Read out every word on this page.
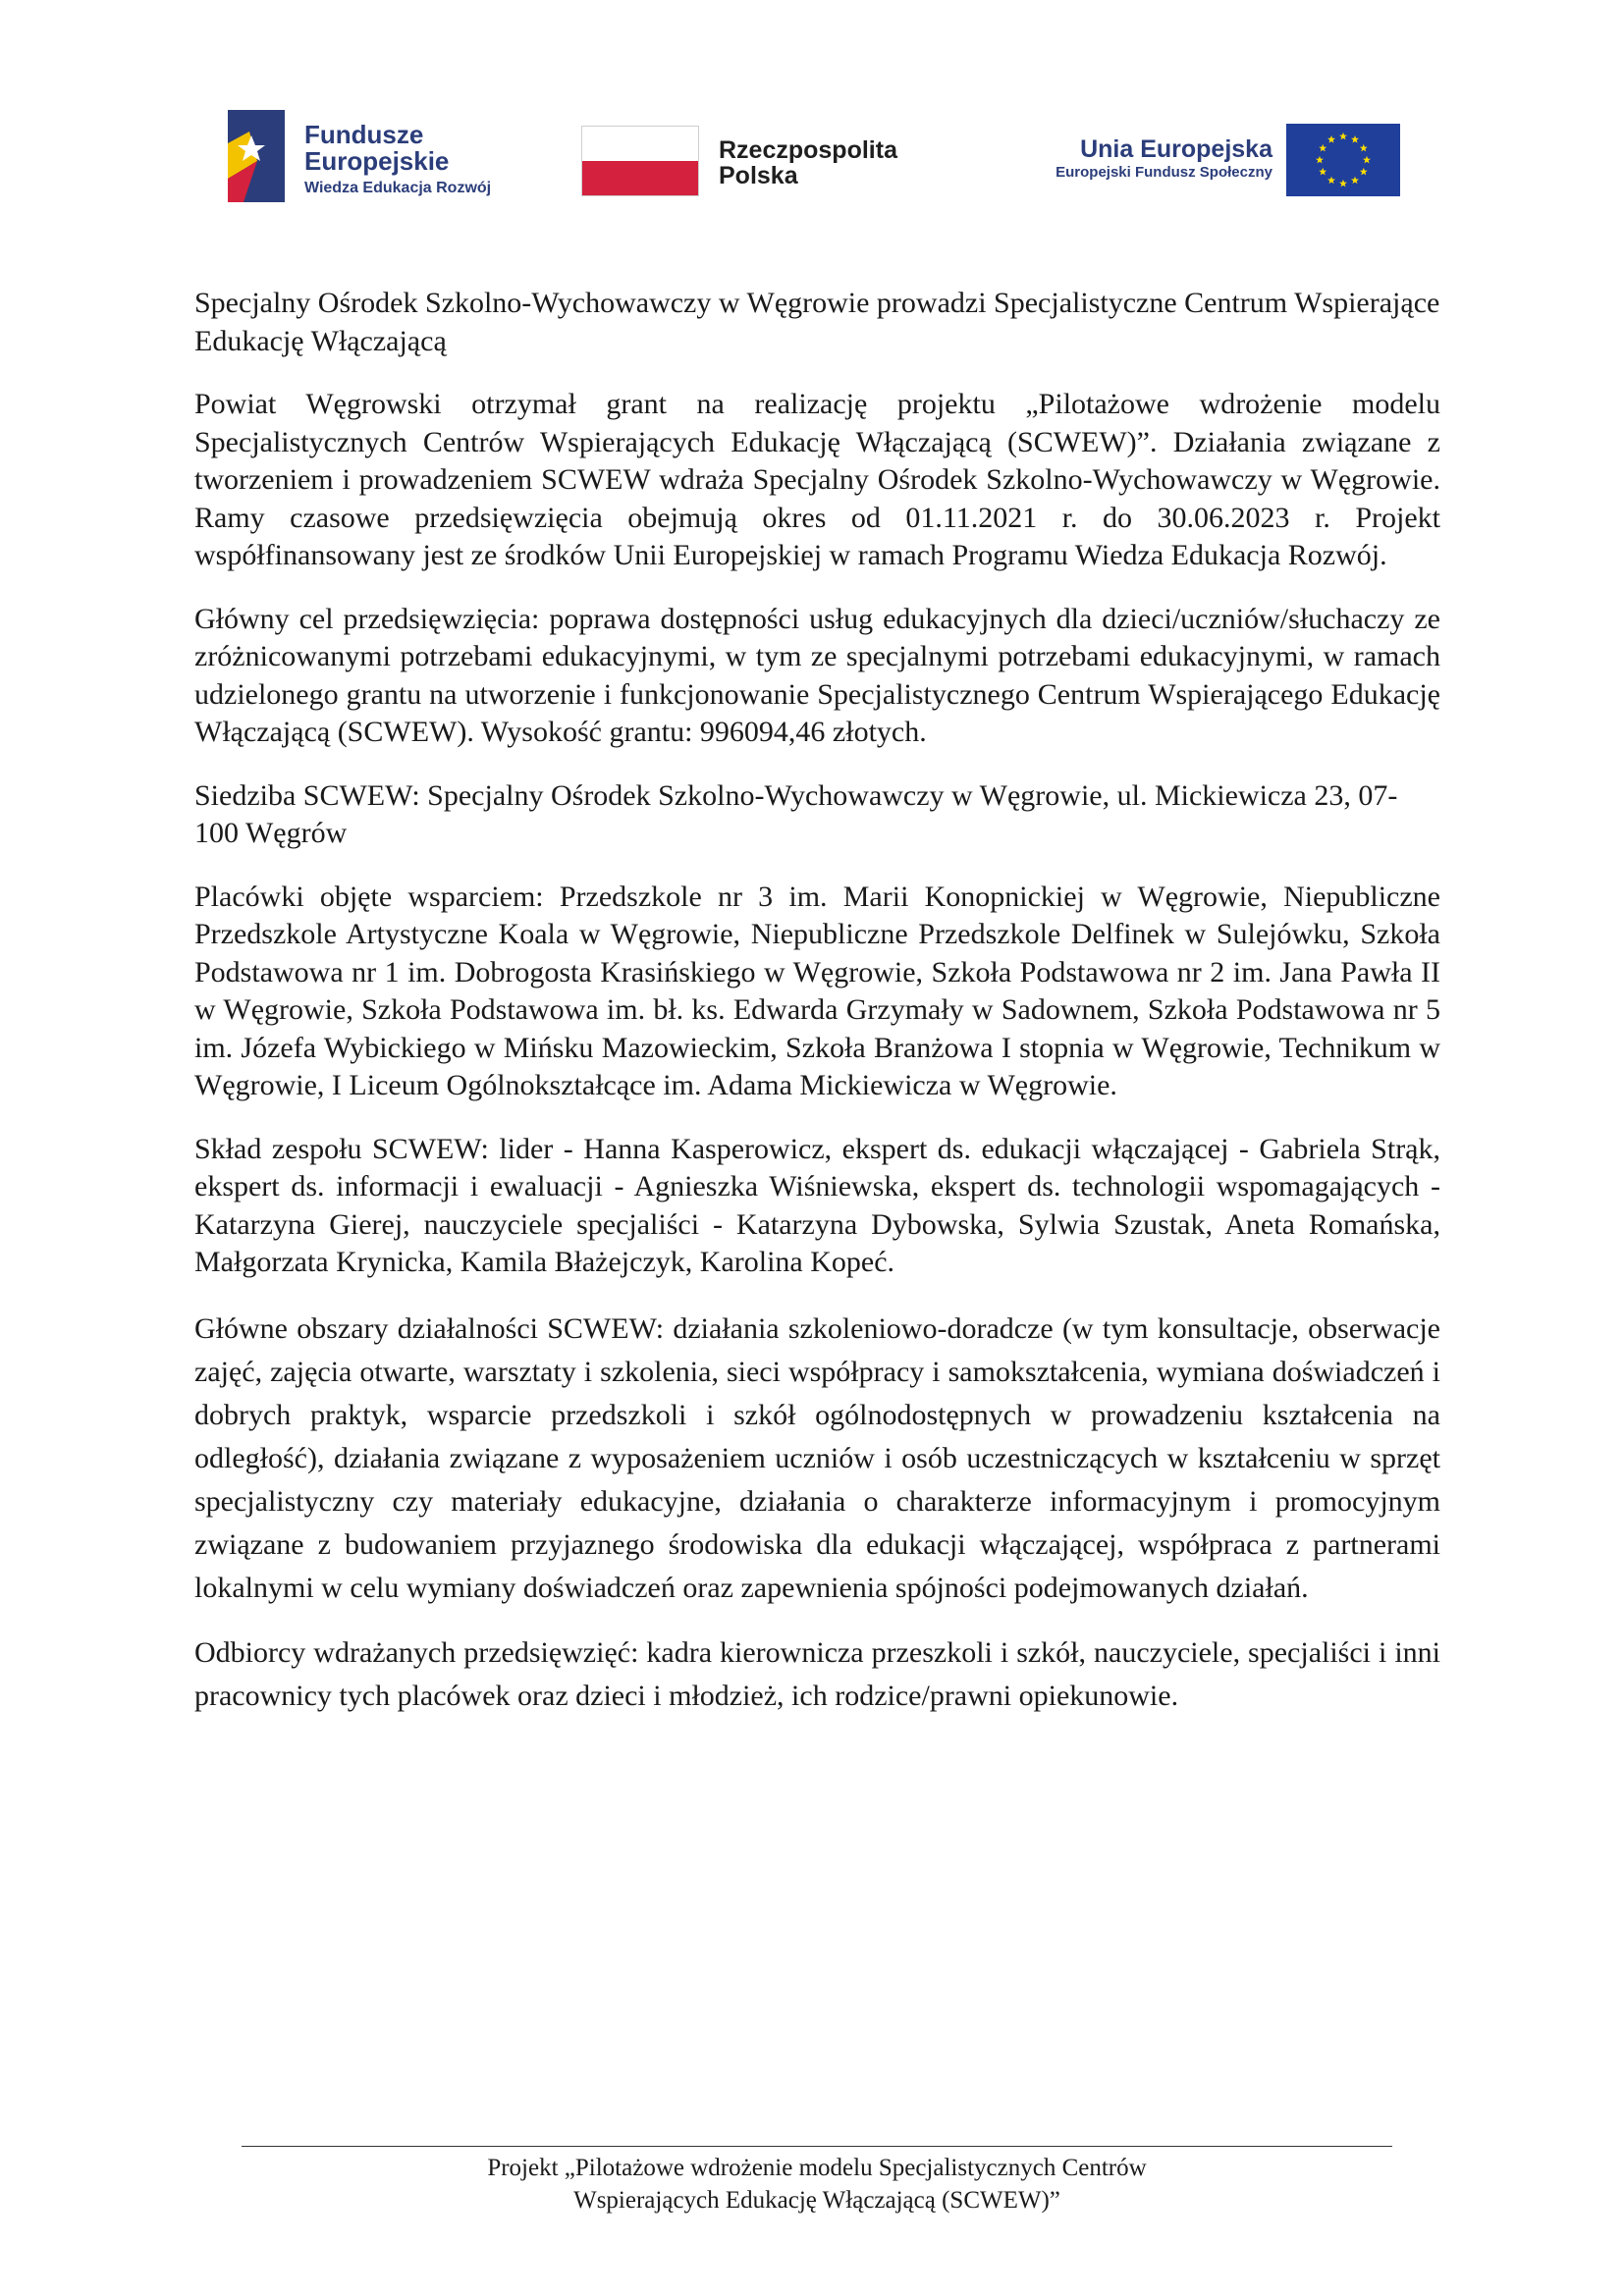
Fundusze
Europejskie
Wiedza Edukacja Rozwój
Rzeczpospolita
Polska
Unia Europejska
Europejski Fundusz Społeczny

Specjalny Ośrodek Szkolno-Wychowawczy w Węgrowie prowadzi Specjalistyczne Centrum Wspierające Edukację Włączającą

Powiat Węgrowski otrzymał grant na realizację projektu „Pilotażowe wdrożenie modelu Specjalistycznych Centrów Wspierających Edukację Włączającą (SCWEW)”. Działania związane z tworzeniem i prowadzeniem SCWEW wdraża Specjalny Ośrodek Szkolno-Wychowawczy w Węgrowie. Ramy czasowe przedsięwzięcia obejmują okres od 01.11.2021 r. do 30.06.2023 r. Projekt współfinansowany jest ze środków Unii Europejskiej w ramach Programu Wiedza Edukacja Rozwój.

Główny cel przedsięwzięcia: poprawa dostępności usług edukacyjnych dla dzieci/uczniów/słuchaczy ze zróżnicowanymi potrzebami edukacyjnymi, w tym ze specjalnymi potrzebami edukacyjnymi, w ramach udzielonego grantu na utworzenie i funkcjonowanie Specjalistycznego Centrum Wspierającego Edukację Włączającą (SCWEW). Wysokość grantu: 996094,46 złotych.

Siedziba SCWEW: Specjalny Ośrodek Szkolno-Wychowawczy w Węgrowie, ul. Mickiewicza 23, 07-100 Węgrów

Placówki objęte wsparciem: Przedszkole nr 3 im. Marii Konopnickiej w Węgrowie, Niepubliczne Przedszkole Artystyczne Koala w Węgrowie, Niepubliczne Przedszkole Delfinek w Sulejówku, Szkoła Podstawowa nr 1 im. Dobrogosta Krasińskiego w Węgrowie, Szkoła Podstawowa nr 2 im. Jana Pawła II w Węgrowie, Szkoła Podstawowa im. bł. ks. Edwarda Grzymały w Sadownem, Szkoła Podstawowa nr 5 im. Józefa Wybickiego w Mińsku Mazowieckim, Szkoła Branżowa I stopnia w Węgrowie, Technikum w Węgrowie, I Liceum Ogólnokształcące im. Adama Mickiewicza w Węgrowie.

Skład zespołu SCWEW: lider - Hanna Kasperowicz, ekspert ds. edukacji włączającej - Gabriela Strąk, ekspert ds. informacji i ewaluacji - Agnieszka Wiśniewska, ekspert ds. technologii wspomagających - Katarzyna Gierej, nauczyciele specjaliści - Katarzyna Dybowska, Sylwia Szustak, Aneta Romańska, Małgorzata Krynicka, Kamila Błażejczyk, Karolina Kopeć.

Główne obszary działalności SCWEW: działania szkoleniowo-doradcze (w tym konsultacje, obserwacje zajęć, zajęcia otwarte, warsztaty i szkolenia, sieci współpracy i samokształcenia, wymiana doświadczeń i dobrych praktyk, wsparcie przedszkoli i szkół ogólnodostępnych w prowadzeniu kształcenia na odległość), działania związane z wyposażeniem uczniów i osób uczestniczących w kształceniu w sprzęt specjalistyczny czy materiały edukacyjne, działania o charakterze informacyjnym i promocyjnym związane z budowaniem przyjaznego środowiska dla edukacji włączającej, współpraca z partnerami lokalnymi w celu wymiany doświadczeń oraz zapewnienia spójności podejmowanych działań.

Odbiorcy wdrażanych przedsięwzięć: kadra kierownicza przeszkoli i szkół, nauczyciele, specjaliści i inni pracownicy tych placówek oraz dzieci i młodzież, ich rodzice/prawni opiekunowie.

Projekt „Pilotażowe wdrożenie modelu Specjalistycznych Centrów
Wspierających Edukację Włączającą (SCWEW)”
